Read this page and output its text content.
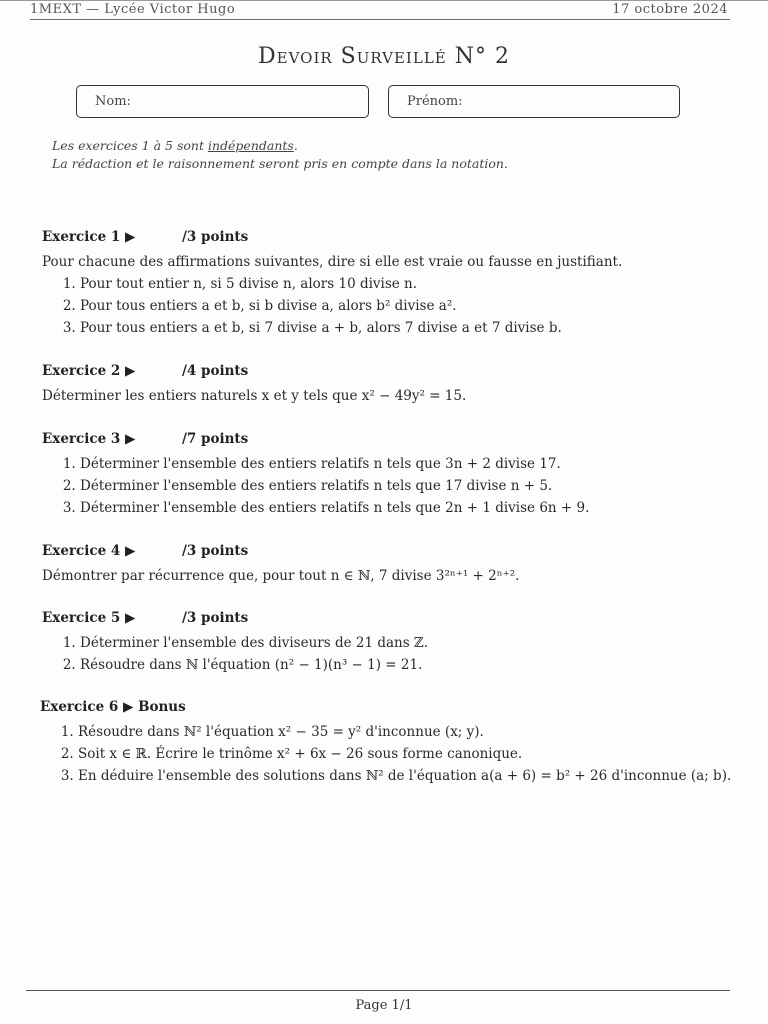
1MEXT — Lycée Victor Hugo	17 octobre 2024
Devoir Surveillé N° 2
Nom:	Prénom:
Les exercices 1 à 5 sont indépendants.
La rédaction et le raisonnement seront pris en compte dans la notation.
Exercice 1 ▶	/3 points
Pour chacune des affirmations suivantes, dire si elle est vraie ou fausse en justifiant.
1. Pour tout entier n, si 5 divise n, alors 10 divise n.
2. Pour tous entiers a et b, si b divise a, alors b² divise a².
3. Pour tous entiers a et b, si 7 divise a + b, alors 7 divise a et 7 divise b.
Exercice 2 ▶	/4 points
Déterminer les entiers naturels x et y tels que x² − 49y² = 15.
Exercice 3 ▶	/7 points
1. Déterminer l'ensemble des entiers relatifs n tels que 3n + 2 divise 17.
2. Déterminer l'ensemble des entiers relatifs n tels que 17 divise n + 5.
3. Déterminer l'ensemble des entiers relatifs n tels que 2n + 1 divise 6n + 9.
Exercice 4 ▶	/3 points
Démontrer par récurrence que, pour tout n ∈ ℕ, 7 divise 3²ⁿ⁺¹ + 2ⁿ⁺².
Exercice 5 ▶	/3 points
1. Déterminer l'ensemble des diviseurs de 21 dans ℤ.
2. Résoudre dans ℕ l'équation (n² − 1)(n³ − 1) = 21.
Exercice 6 ▶ Bonus
1. Résoudre dans ℕ² l'équation x² − 35 = y² d'inconnue (x; y).
2. Soit x ∈ ℝ. Écrire le trinôme x² + 6x − 26 sous forme canonique.
3. En déduire l'ensemble des solutions dans ℕ² de l'équation a(a + 6) = b² + 26 d'inconnue (a; b).
Page 1/1
